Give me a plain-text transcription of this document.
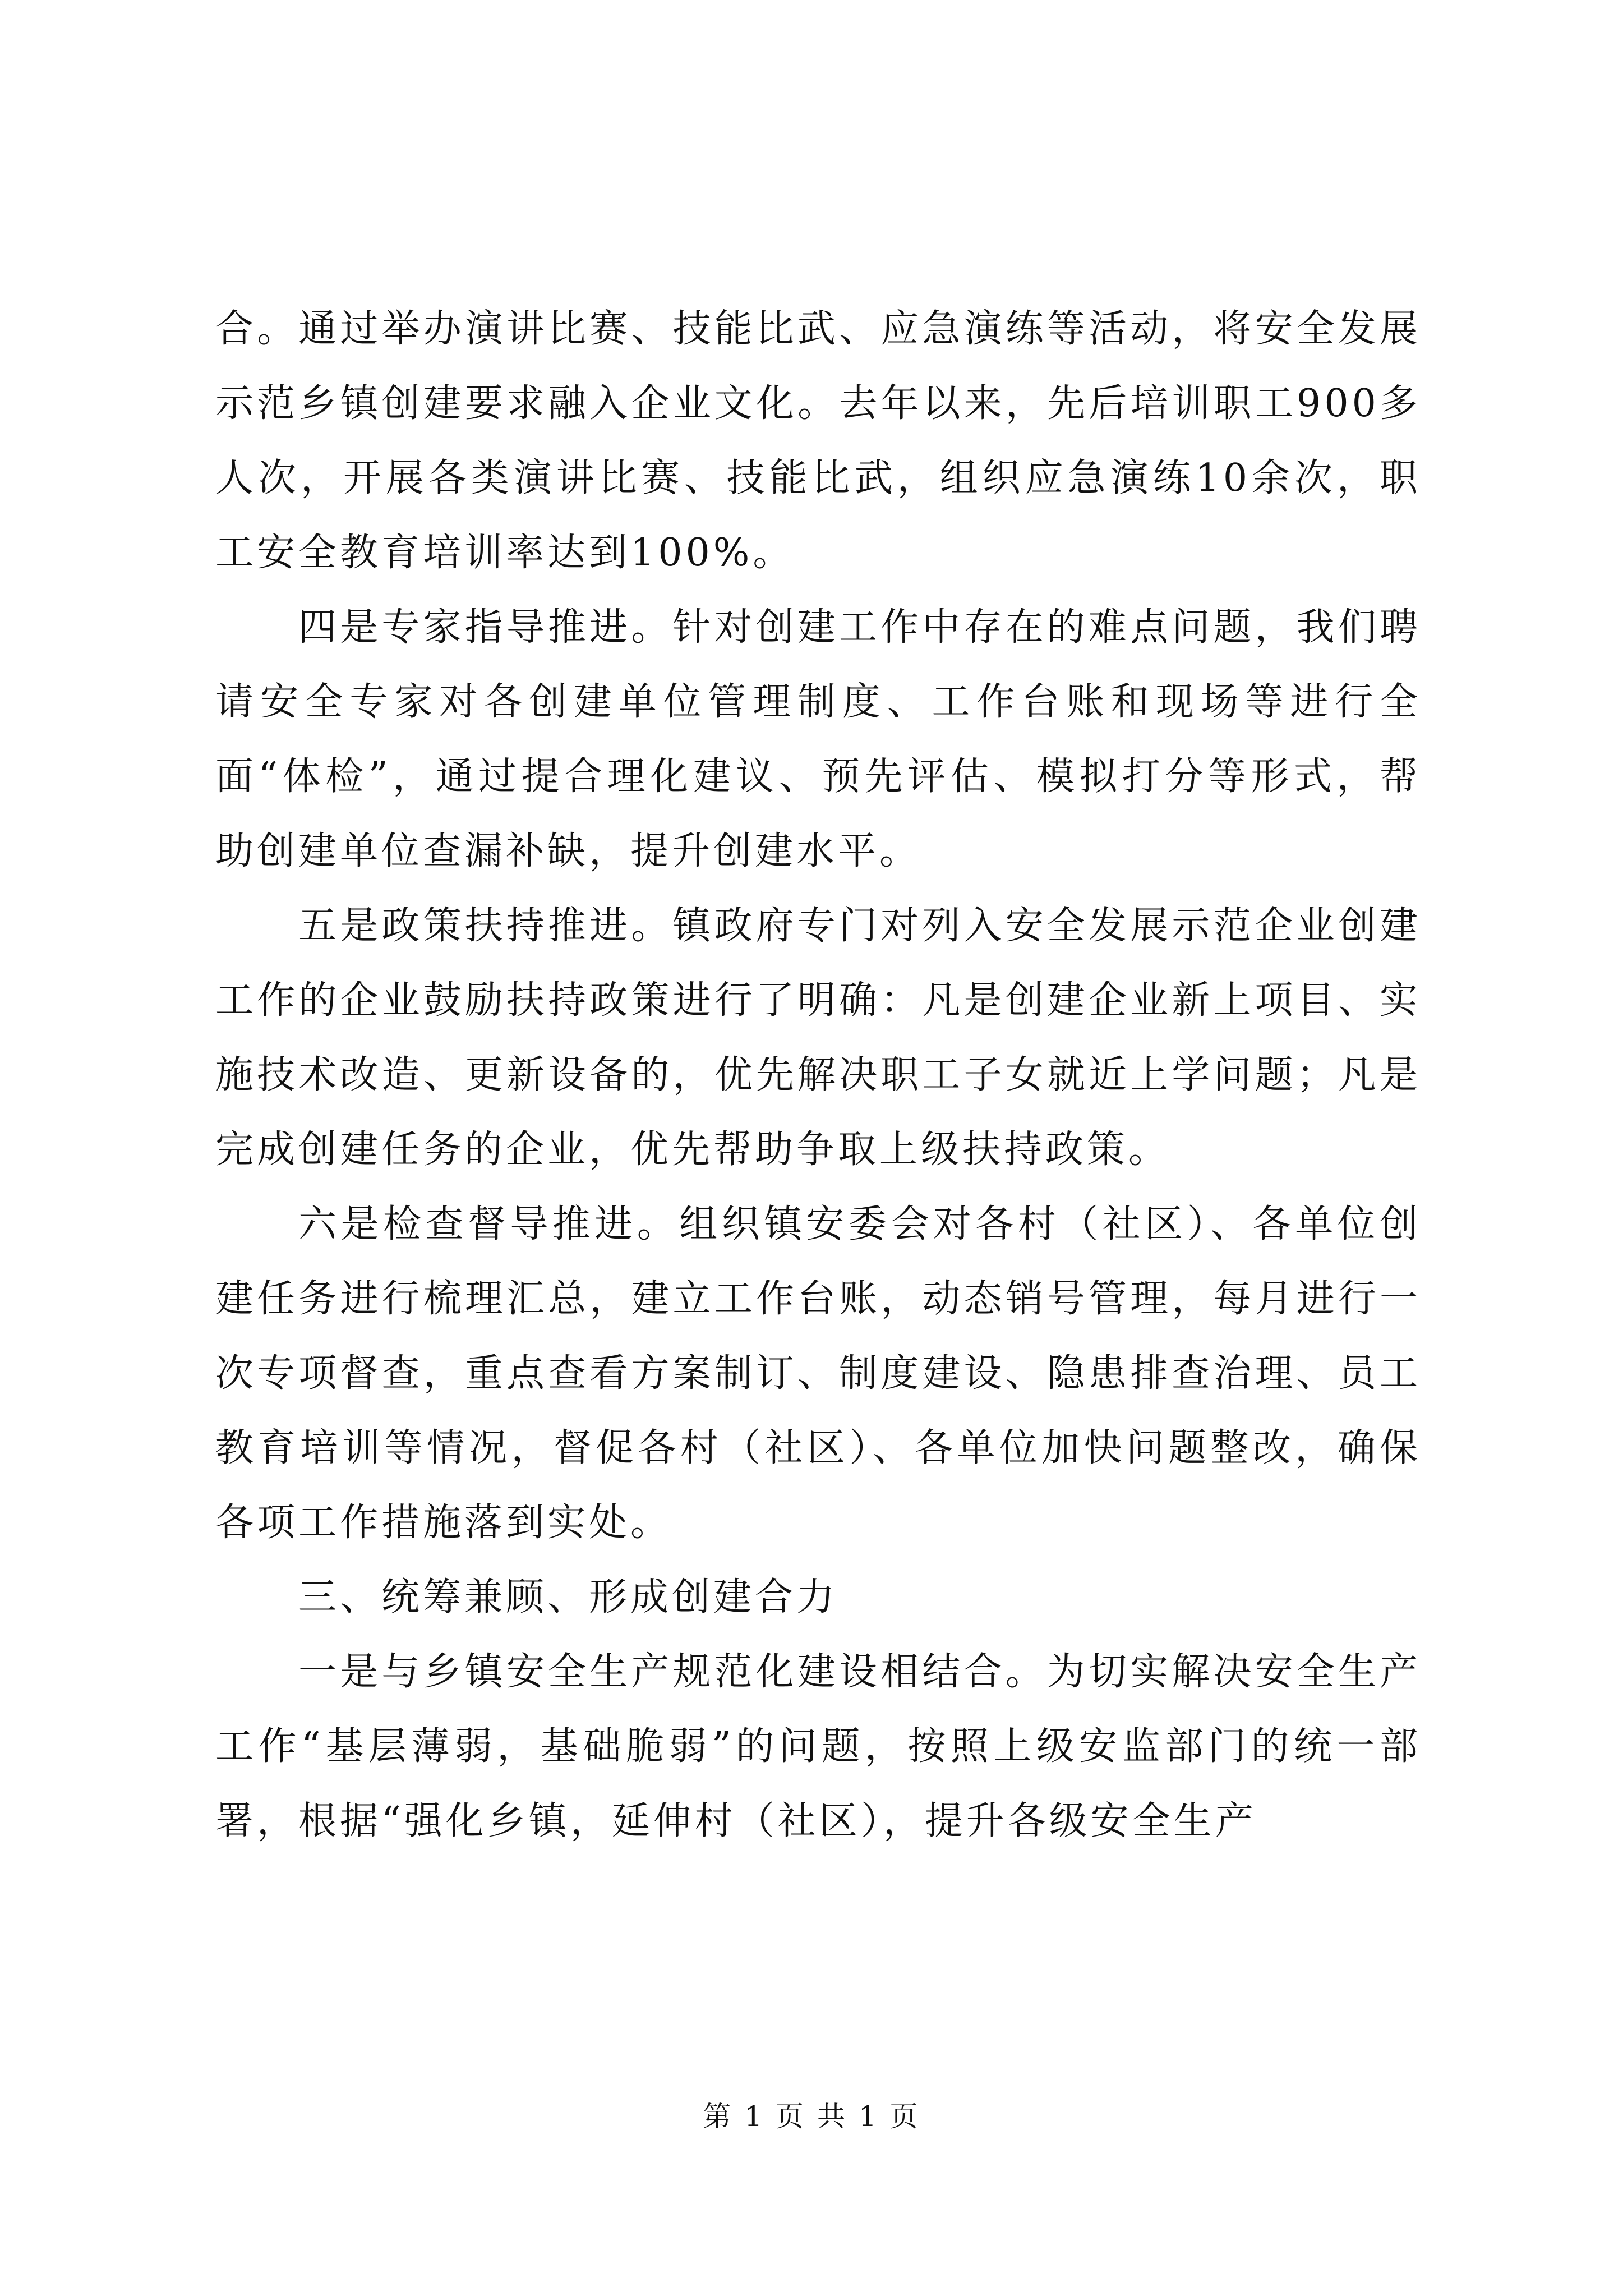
合。通过举办演讲比赛、技能比武、应急演练等活动，将安全发展示范乡镇创建要求融入企业文化。去年以来，先后培训职工900多人次，开展各类演讲比赛、技能比武，组织应急演练10余次，职工安全教育培训率达到100%。

四是专家指导推进。针对创建工作中存在的难点问题，我们聘请安全专家对各创建单位管理制度、工作台账和现场等进行全面“体检”，通过提合理化建议、预先评估、模拟打分等形式，帮助创建单位查漏补缺，提升创建水平。

五是政策扶持推进。镇政府专门对列入安全发展示范企业创建工作的企业鼓励扶持政策进行了明确：凡是创建企业新上项目、实施技术改造、更新设备的，优先解决职工子女就近上学问题；凡是完成创建任务的企业，优先帮助争取上级扶持政策。

六是检查督导推进。组织镇安委会对各村（社区）、各单位创建任务进行梳理汇总，建立工作台账，动态销号管理，每月进行一次专项督查，重点查看方案制订、制度建设、隐患排查治理、员工教育培训等情况，督促各村（社区）、各单位加快问题整改，确保各项工作措施落到实处。

三、统筹兼顾、形成创建合力

一是与乡镇安全生产规范化建设相结合。为切实解决安全生产工作“基层薄弱，基础脆弱”的问题，按照上级安监部门的统一部署，根据“强化乡镇，延伸村（社区），提升各级安全生产

第 1 页 共 1 页
